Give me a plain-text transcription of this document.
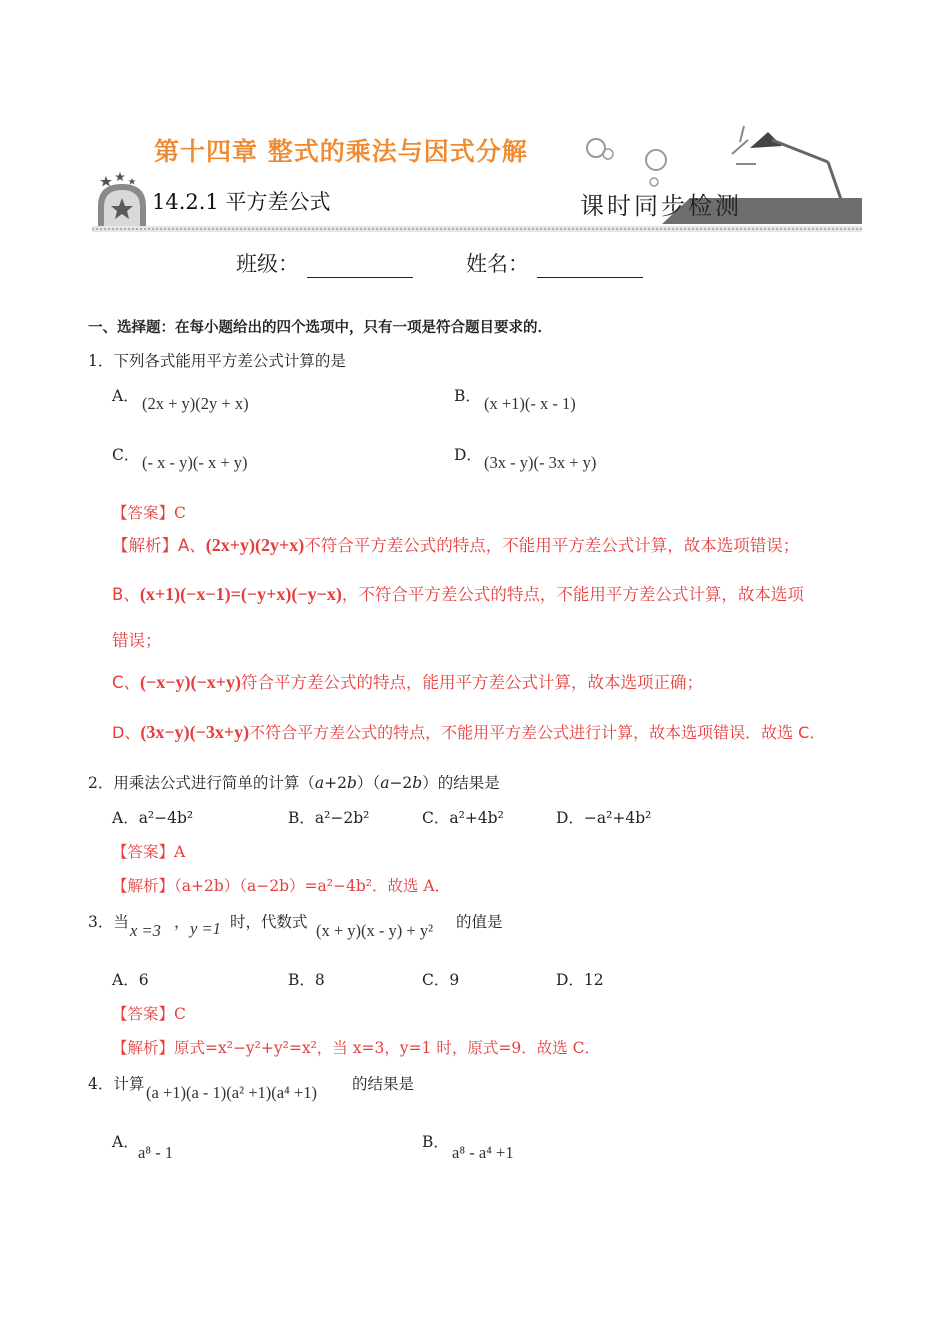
第十四章 整式的乘法与因式分解
14.2.1 平方差公式	课时同步检测
班级：	姓名：
一、选择题：在每小题给出的四个选项中，只有一项是符合题目要求的．
1．下列各式能用平方差公式计算的是
A． (2x + y)(2y + x)	B． (x +1)(- x - 1)
C． (- x - y)(- x + y)	D． (3x - y)(- 3x + y)
【答案】C
【解析】A、(2x+y)(2y+x)不符合平方差公式的特点，不能用平方差公式计算，故本选项错误；
B、(x+1)(−x−1)=(−y+x)(−y−x)，不符合平方差公式的特点，不能用平方差公式计算，故本选项
错误；
C、(−x−y)(−x+y)符合平方差公式的特点，能用平方差公式计算，故本选项正确；
D、(3x−y)(−3x+y)不符合平方差公式的特点，不能用平方差公式进行计算，故本选项错误．故选 C．
2．用乘法公式进行简单的计算（a+2b）（a−2b）的结果是
A．a²−4b²	B．a²−2b²	C．a²+4b²	D．−a²+4b²
【答案】A
【解析】（a+2b）（a−2b）=a²−4b²．故选 A．
3．当 x =3 ， y =1 时，代数式 (x + y)(x - y) + y² 的值是
A．6	B．8	C．9	D．12
【答案】C
【解析】原式=x²−y²+y²=x²，当 x=3，y=1 时，原式=9．故选 C．
4．计算 (a +1)(a - 1)(a² +1)(a⁴ +1) 的结果是
A．
a⁸ - 1
B．
a⁸ - a⁴ +1
